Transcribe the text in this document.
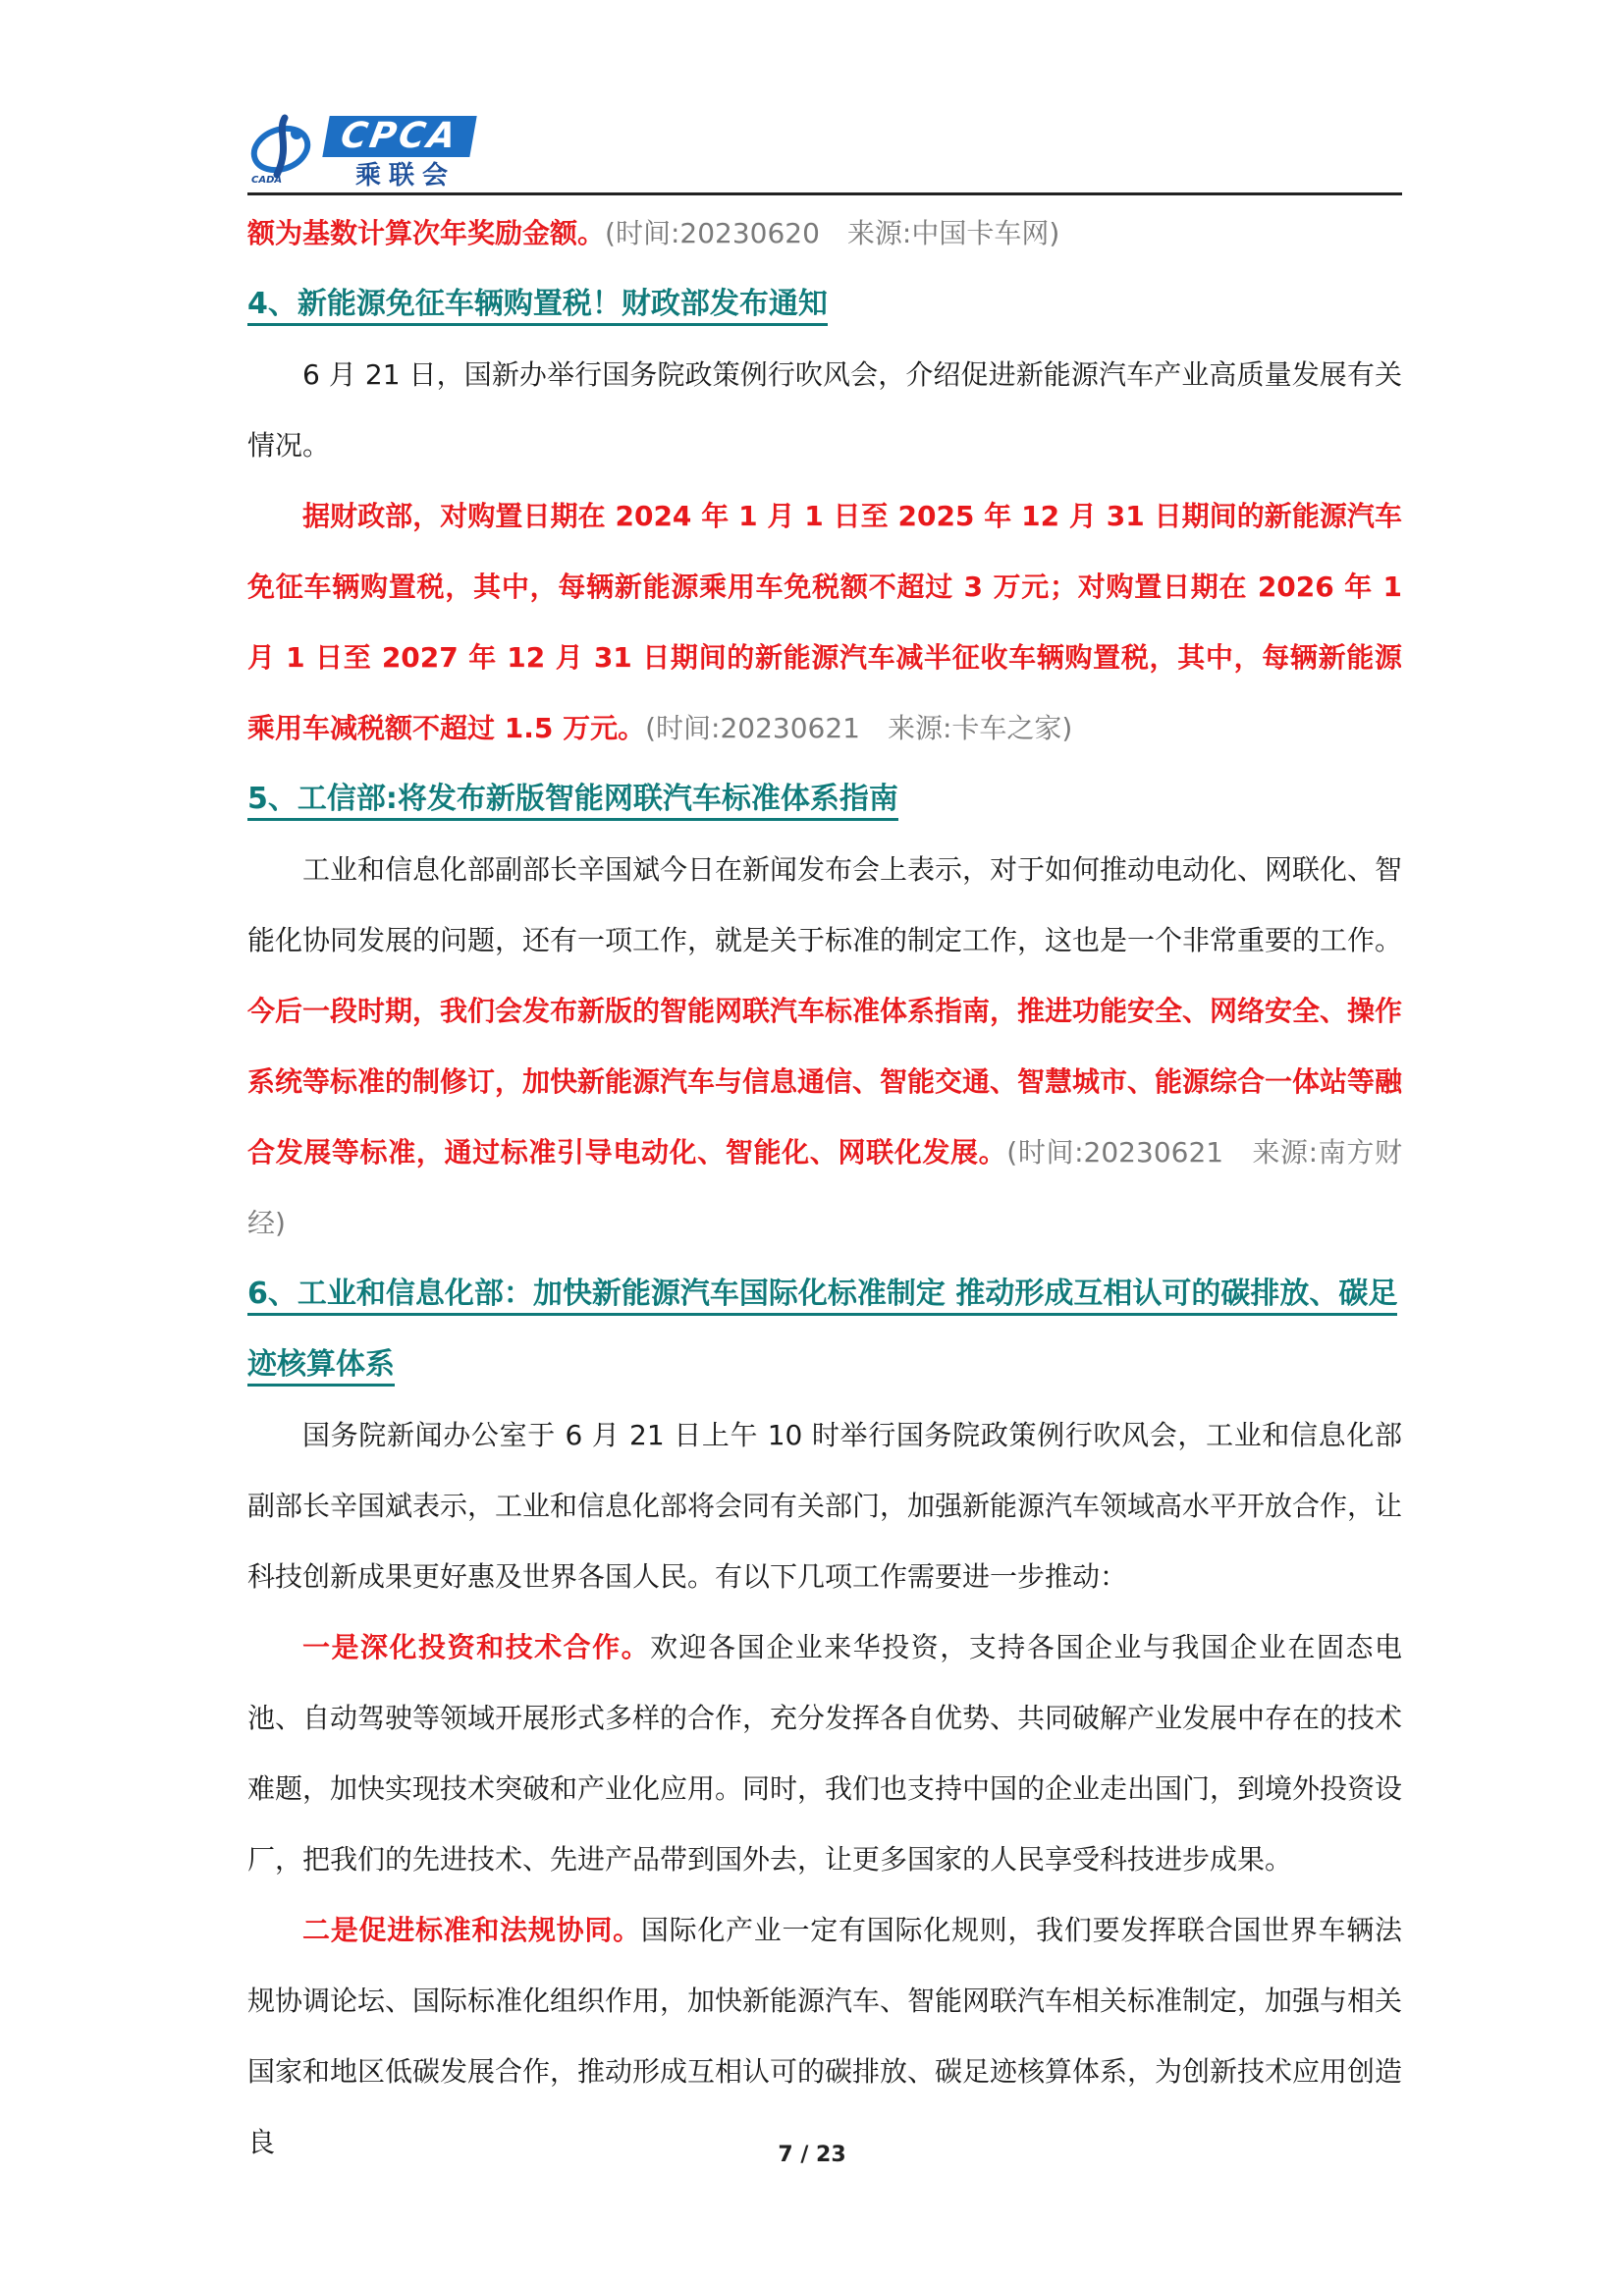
CADA
CPCA
乘联会

额为基数计算次年奖励金额。(时间:20230620　来源:中国卡车网)

4、新能源免征车辆购置税！财政部发布通知

6 月 21 日，国新办举行国务院政策例行吹风会，介绍促进新能源汽车产业高质量发展有关情况。

据财政部，对购置日期在 2024 年 1 月 1 日至 2025 年 12 月 31 日期间的新能源汽车免征车辆购置税，其中，每辆新能源乘用车免税额不超过 3 万元；对购置日期在 2026 年 1 月 1 日至 2027 年 12 月 31 日期间的新能源汽车减半征收车辆购置税，其中，每辆新能源乘用车减税额不超过 1.5 万元。(时间:20230621　来源:卡车之家)

5、工信部:将发布新版智能网联汽车标准体系指南

工业和信息化部副部长辛国斌今日在新闻发布会上表示，对于如何推动电动化、网联化、智能化协同发展的问题，还有一项工作，就是关于标准的制定工作，这也是一个非常重要的工作。今后一段时期，我们会发布新版的智能网联汽车标准体系指南，推进功能安全、网络安全、操作系统等标准的制修订，加快新能源汽车与信息通信、智能交通、智慧城市、能源综合一体站等融合发展等标准，通过标准引导电动化、智能化、网联化发展。(时间:20230621　来源:南方财经)

6、工业和信息化部：加快新能源汽车国际化标准制定 推动形成互相认可的碳排放、碳足迹核算体系

国务院新闻办公室于 6 月 21 日上午 10 时举行国务院政策例行吹风会，工业和信息化部副部长辛国斌表示，工业和信息化部将会同有关部门，加强新能源汽车领域高水平开放合作，让科技创新成果更好惠及世界各国人民。有以下几项工作需要进一步推动：

一是深化投资和技术合作。欢迎各国企业来华投资，支持各国企业与我国企业在固态电池、自动驾驶等领域开展形式多样的合作，充分发挥各自优势、共同破解产业发展中存在的技术难题，加快实现技术突破和产业化应用。同时，我们也支持中国的企业走出国门，到境外投资设厂，把我们的先进技术、先进产品带到国外去，让更多国家的人民享受科技进步成果。

二是促进标准和法规协同。国际化产业一定有国际化规则，我们要发挥联合国世界车辆法规协调论坛、国际标准化组织作用，加快新能源汽车、智能网联汽车相关标准制定，加强与相关国家和地区低碳发展合作，推动形成互相认可的碳排放、碳足迹核算体系，为创新技术应用创造良	7 / 23
